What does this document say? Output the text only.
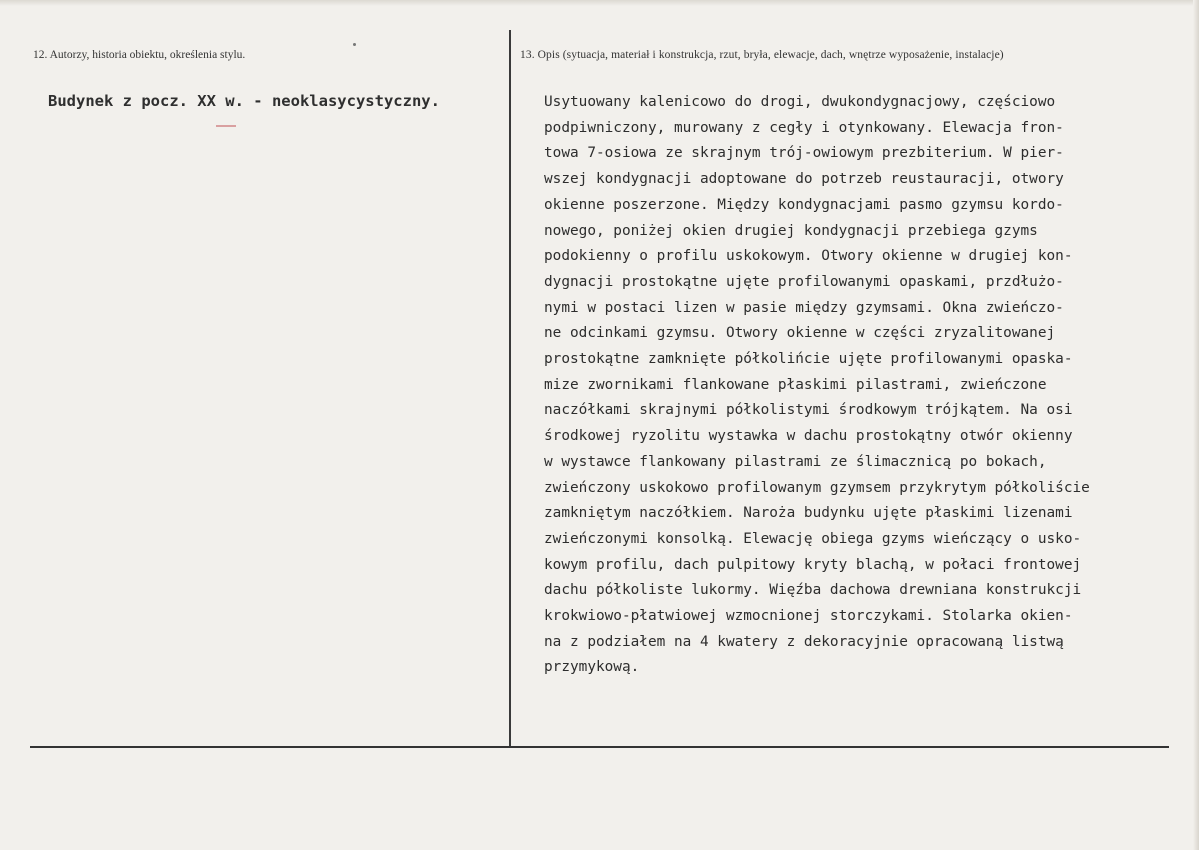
12. Autorzy, historia obiektu, określenia stylu.	13. Opis (sytuacja, materiał i konstrukcja, rzut, bryła, elewacje, dach, wnętrze wyposażenie, instalacje)
Budynek z pocz. XX w. - neoklasycystyczny.	Usytuowany kalenicowo do drogi, dwukondygnacjowy, częściowo
podpiwniczony, murowany z cegły i otynkowany. Elewacja fron-
towa 7-osiowa ze skrajnym trój-owiowym prezbiterium. W pier-
wszej kondygnacji adoptowane do potrzeb reustauracji, otwory
okienne poszerzone. Między kondygnacjami pasmo gzymsu kordo-
nowego, poniżej okien drugiej kondygnacji przebiega gzyms
podokienny o profilu uskokowym. Otwory okienne w drugiej kon-
dygnacji prostokątne ujęte profilowanymi opaskami, przdłużo-
nymi w postaci lizen w pasie między gzymsami. Okna zwieńczo-
ne odcinkami gzymsu. Otwory okienne w części zryzalitowanej
prostokątne zamknięte półkolińcie ujęte profilowanymi opaska-
mize zwornikami flankowane płaskimi pilastrami, zwieńczone
naczółkami skrajnymi półkolistymi środkowym trójkątem. Na osi
środkowej ryzolitu wystawka w dachu prostokątny otwór okienny
w wystawce flankowany pilastrami ze ślimacznicą po bokach,
zwieńczony uskokowo profilowanym gzymsem przykrytym półkoliście
zamkniętym naczółkiem. Naroża budynku ujęte płaskimi lizenami
zwieńczonymi konsolką. Elewację obiega gzyms wieńczący o usko-
kowym profilu, dach pulpitowy kryty blachą, w połaci frontowej
dachu półkoliste lukormy. Więźba dachowa drewniana konstrukcji
krokwiowo-płatwiowej wzmocnionej storczykami. Stolarka okien-
na z podziałem na 4 kwatery z dekoracyjnie opracowaną listwą
przymykową.
